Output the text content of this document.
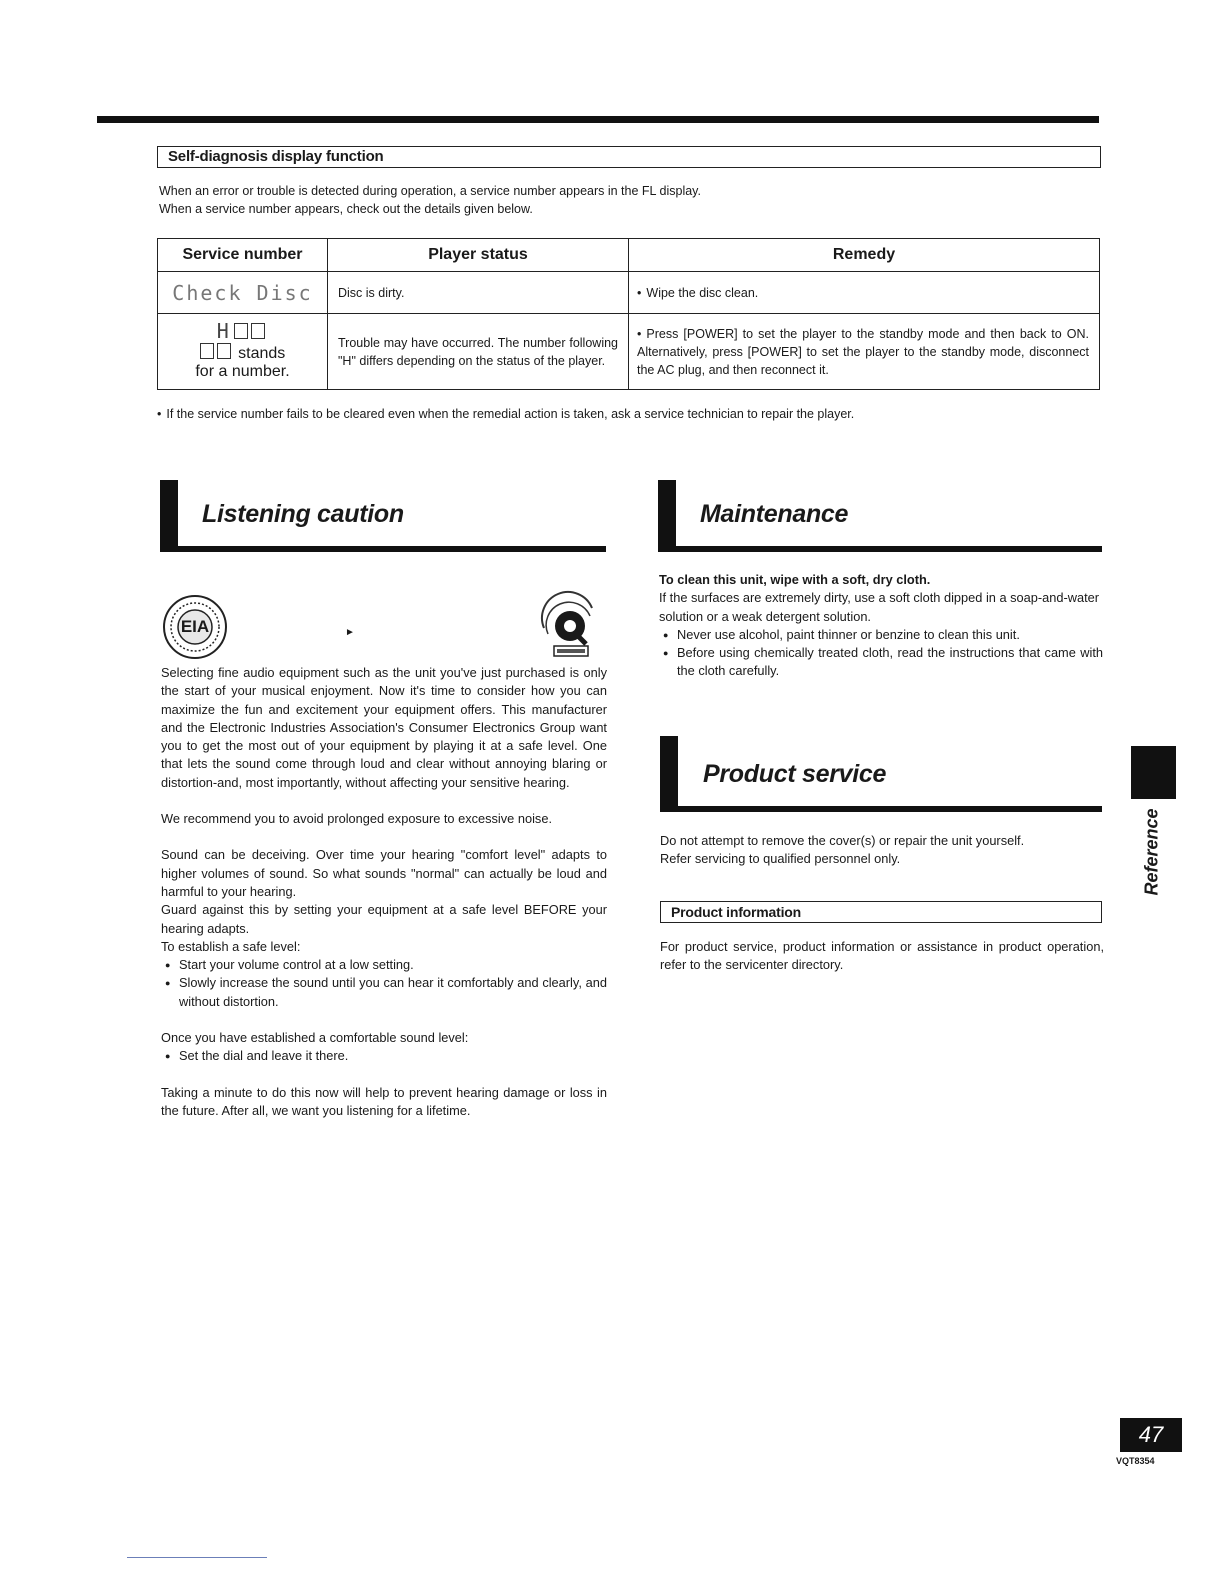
Self-diagnosis display function
When an error or trouble is detected during operation, a service number appears in the FL display.
When a service number appears, check out the details given below.
Service number	Player status	Remedy
Check Disc	Disc is dirty.	• Wipe the disc clean.

H
stands
for a number.	Trouble may have occurred. The number following "H" differs depending on the status of the player.	• Press [POWER] to set the player to the standby mode and then back to ON. Alternatively, press [POWER] to set the player to the standby mode, disconnect the AC plug, and then reconnect it.
• If the service number fails to be cleared even when the remedial action is taken, ask a service technician to repair the player.
Listening caution
EIA	►

Selecting fine audio equipment such as the unit you've just purchased is only the start of your musical enjoyment. Now it's time to consider how you can maximize the fun and excitement your equipment offers. This manufacturer and the Electronic Industries Association's Consumer Electronics Group want you to get the most out of your equipment by playing it at a safe level. One that lets the sound come through loud and clear without annoying blaring or distortion-and, most importantly, without affecting your sensitive hearing.

We recommend you to avoid prolonged exposure to excessive noise.

Sound can be deceiving. Over time your hearing "comfort level" adapts to higher volumes of sound. So what sounds "normal" can actually be loud and harmful to your hearing.
Guard against this by setting your equipment at a safe level BEFORE your hearing adapts.
To establish a safe level:
● Start your volume control at a low setting.
● Slowly increase the sound until you can hear it comfortably and clearly, and without distortion.
Once you have established a comfortable sound level:
● Set the dial and leave it there.
Taking a minute to do this now will help to prevent hearing damage or loss in the future. After all, we want you listening for a lifetime.
Maintenance
To clean this unit, wipe with a soft, dry cloth.
If the surfaces are extremely dirty, use a soft cloth dipped in a soap-and-water solution or a weak detergent solution.
● Never use alcohol, paint thinner or benzine to clean this unit.
● Before using chemically treated cloth, read the instructions that came with the cloth carefully.
Product service
Do not attempt to remove the cover(s) or repair the unit yourself.
Refer servicing to qualified personnel only.
Product information
For product service, product information or assistance in product operation, refer to the servicenter directory.
Reference
47
VQT8354
